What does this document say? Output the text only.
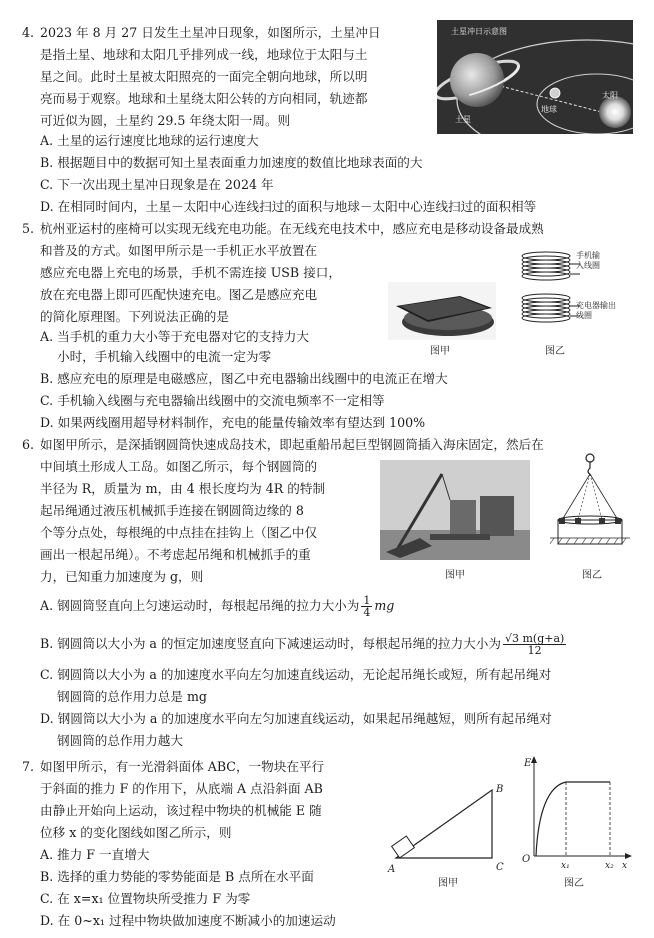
4. 2023 年 8 月 27 日发生土星冲日现象，如图所示，土星冲日
是指土星、地球和太阳几乎排列成一线，地球位于太阳与土
星之间。此时土星被太阳照亮的一面完全朝向地球，所以明
亮而易于观察。地球和土星绕太阳公转的方向相同，轨迹都
可近似为圆，土星约 29.5 年绕太阳一周。则
土星冲日示意图
土星
地球
太阳
A. 土星的运行速度比地球的运行速度大
B. 根据题目中的数据可知土星表面重力加速度的数值比地球表面的大
C. 下一次出现土星冲日现象是在 2024 年
D. 在相同时间内，土星－太阳中心连线扫过的面积与地球－太阳中心连线扫过的面积相等
5. 杭州亚运村的座椅可以实现无线充电功能。在无线充电技术中，感应充电是移动设备最成熟
和普及的方式。如图甲所示是一手机正水平放置在
感应充电器上充电的场景，手机不需连接 USB 接口，
放在充电器上即可匹配快速充电。图乙是感应充电
的简化原理图。下列说法正确的是
图甲
手机输
入线圈
充电器输出
线圈
图乙
A. 当手机的重力大小等于充电器对它的支持力大
小时，手机输入线圈中的电流一定为零
B. 感应充电的原理是电磁感应，图乙中充电器输出线圈中的电流正在增大
C. 手机输入线圈与充电器输出线圈中的交流电频率不一定相等
D. 如果两线圈用超导材料制作，充电的能量传输效率有望达到 100%
6. 如图甲所示，是深插钢圆筒快速成岛技术，即起重船吊起巨型钢圆筒插入海床固定，然后在
中间填土形成人工岛。如图乙所示，每个钢圆筒的
半径为 R，质量为 m，由 4 根长度均为 4R 的特制
起吊绳通过液压机械抓手连接在钢圆筒边缘的 8
个等分点处，每根绳的中点挂在挂钩上（图乙中仅
画出一根起吊绳）。不考虑起吊绳和机械抓手的重
力，已知重力加速度为 g，则	图甲	图乙
A. 钢圆筒竖直向上匀速运动时，每根起吊绳的拉力大小为 $\frac{1}{4}$ mg
B. 钢圆筒以大小为 a 的恒定加速度竖直向下减速运动时，每根起吊绳的拉力大小为 $\frac{√3 m(g+a)}{12}$
C. 钢圆筒以大小为 a 的加速度水平向左匀加速直线运动，无论起吊绳长或短，所有起吊绳对
钢圆筒的总作用力总是 mg
D. 钢圆筒以大小为 a 的加速度水平向左匀加速直线运动，如果起吊绳越短，则所有起吊绳对
钢圆筒的总作用力越大
7. 如图甲所示，有一光滑斜面体 ABC，一物块在平行
于斜面的推力 F 的作用下，从底端 A 点沿斜面 AB
由静止开始向上运动，该过程中物块的机械能 E 随
位移 x 的变化图线如图乙所示，则
A. 推力 F 一直增大
B. 选择的重力势能的零势能面是 B 点所在水平面
C. 在 x=x₁ 位置物块所受推力 F 为零
D. 在 0~x₁ 过程中物块做加速度不断减小的加速运动
A
B
C
图甲
E
O
x₁	x₂ x
图乙
